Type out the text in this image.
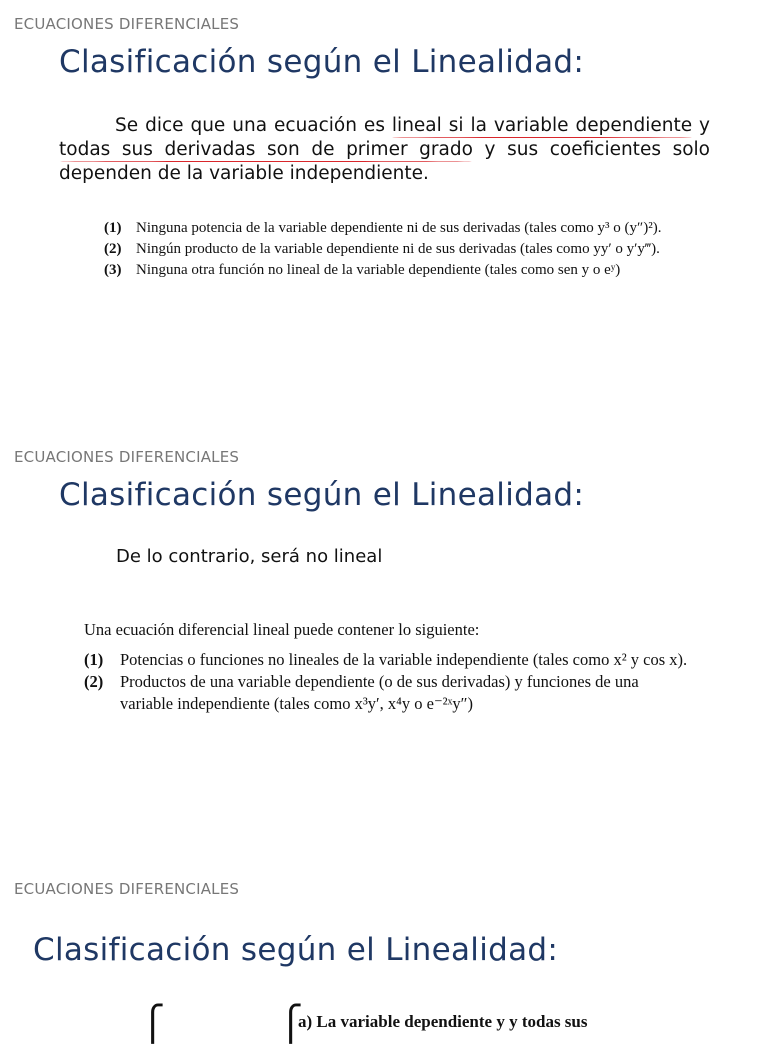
ECUACIONES DIFERENCIALES
Clasificación según el Linealidad:
Se dice que una ecuación es lineal si la variable dependiente y todas sus derivadas son de primer grado y sus coeficientes solo dependen de la variable independiente.
(1) Ninguna potencia de la variable dependiente ni de sus derivadas (tales como y³ o (y″)²).
(2) Ningún producto de la variable dependiente ni de sus derivadas (tales como yy′ o y′y‴).
(3) Ninguna otra función no lineal de la variable dependiente (tales como sen y o eʸ)
ECUACIONES DIFERENCIALES
Clasificación según el Linealidad:
De lo contrario, será no lineal
Una ecuación diferencial lineal puede contener lo siguiente:
(1) Potencias o funciones no lineales de la variable independiente (tales como x² y cos x).
(2) Productos de una variable dependiente (o de sus derivadas) y funciones de una variable independiente (tales como x³y′, x⁴y o e⁻²ˣy″)
ECUACIONES DIFERENCIALES
Clasificación según el Linealidad:
⎧	⎧
a) La variable dependiente y y todas sus
